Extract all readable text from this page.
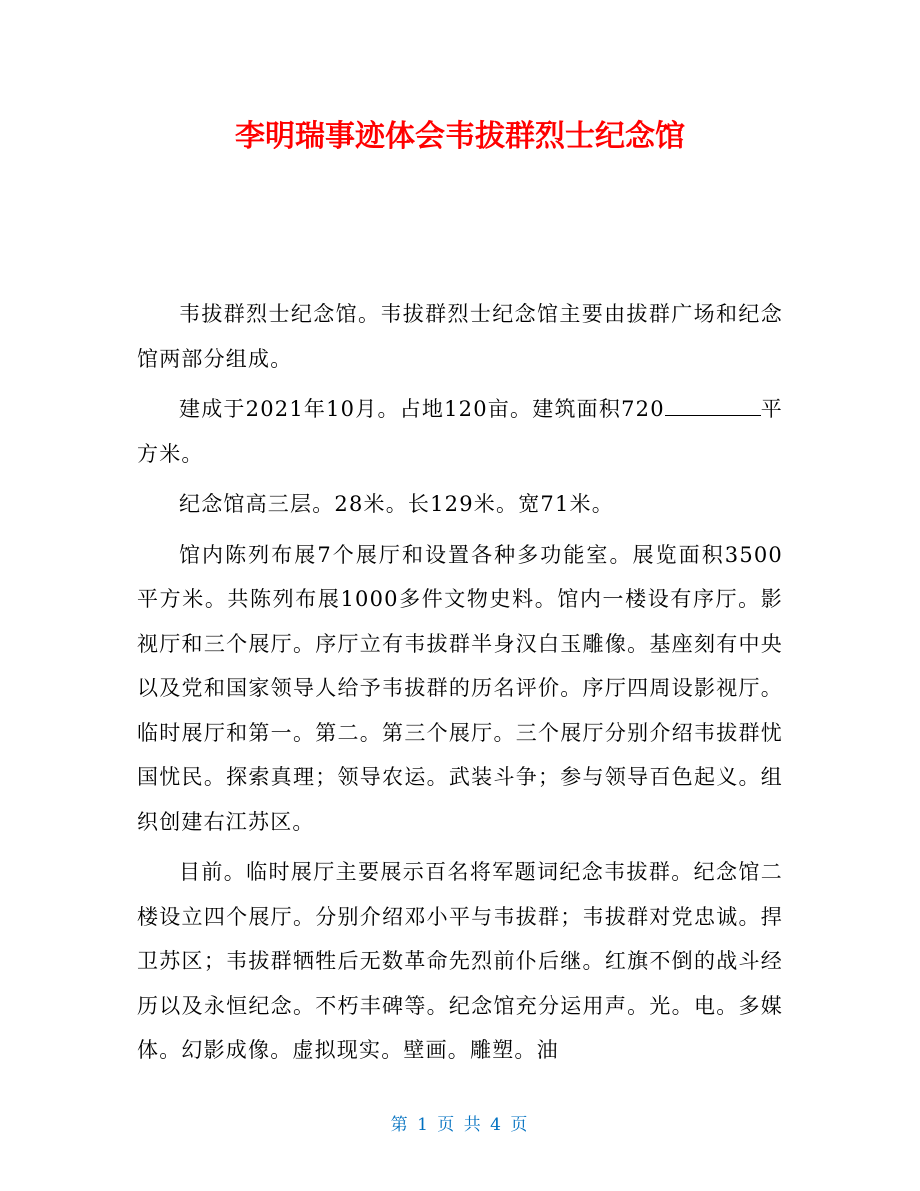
李明瑞事迹体会韦拔群烈士纪念馆

韦拔群烈士纪念馆。韦拔群烈士纪念馆主要由拔群广场和纪念馆两部分组成。

建成于2021年10月。占地120亩。建筑面积720	平方米。

纪念馆高三层。28米。长129米。宽71米。

馆内陈列布展7个展厅和设置各种多功能室。展览面积3500平方米。共陈列布展1000多件文物史料。馆内一楼设有序厅。影视厅和三个展厅。序厅立有韦拔群半身汉白玉雕像。基座刻有中央以及党和国家领导人给予韦拔群的历名评价。序厅四周设影视厅。临时展厅和第一。第二。第三个展厅。三个展厅分别介绍韦拔群忧国忧民。探索真理；领导农运。武装斗争；参与领导百色起义。组织创建右江苏区。

目前。临时展厅主要展示百名将军题词纪念韦拔群。纪念馆二楼设立四个展厅。分别介绍邓小平与韦拔群；韦拔群对党忠诚。捍卫苏区；韦拔群牺牲后无数革命先烈前仆后继。红旗不倒的战斗经历以及永恒纪念。不朽丰碑等。纪念馆充分运用声。光。电。多媒体。幻影成像。虚拟现实。壁画。雕塑。油

第 1 页 共 4 页
